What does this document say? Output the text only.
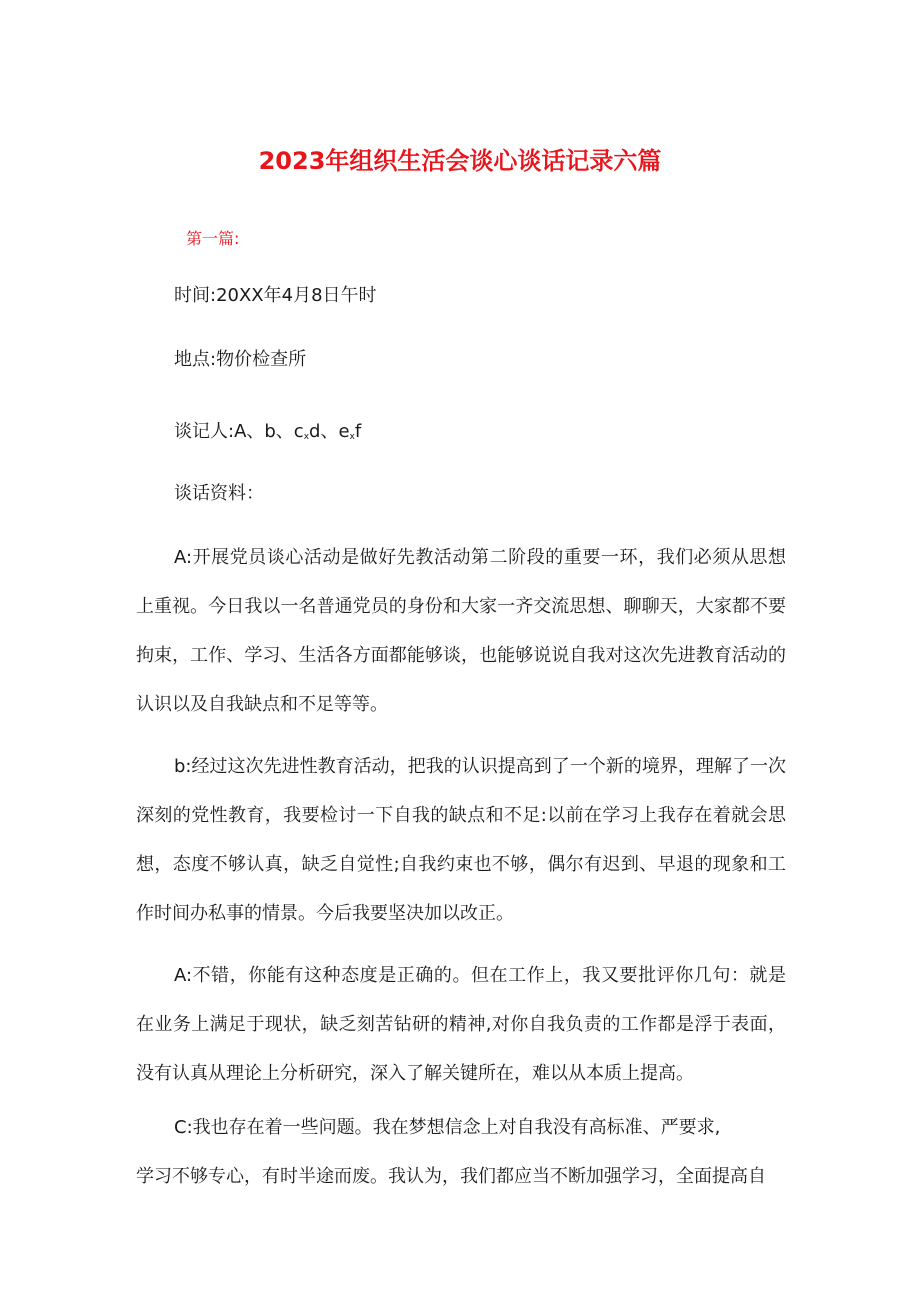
2023年组织生活会谈心谈话记录六篇
第一篇:
时间:20XX年4月8日午时
地点:物价检查所
谈记人:A、b、$c_xd$、$e_xf$
谈话资料：

A:开展党员谈心活动是做好先教活动第二阶段的重要一环，我们必须从思想上重视。今日我以一名普通党员的身份和大家一齐交流思想、聊聊天，大家都不要拘束，工作、学习、生活各方面都能够谈，也能够说说自我对这次先进教育活动的认识以及自我缺点和不足等等。

b:经过这次先进性教育活动，把我的认识提高到了一个新的境界，理解了一次深刻的党性教育，我要检讨一下自我的缺点和不足:以前在学习上我存在着就会思想，态度不够认真，缺乏自觉性;自我约束也不够，偶尔有迟到、早退的现象和工作时间办私事的情景。今后我要坚决加以改正。

A:不错，你能有这种态度是正确的。但在工作上，我又要批评你几句：就是在业务上满足于现状，缺乏刻苦钻研的精神,对你自我负责的工作都是浮于表面，没有认真从理论上分析研究，深入了解关键所在，难以从本质上提高。

C:我也存在着一些问题。我在梦想信念上对自我没有高标准、严要求,

学习不够专心，有时半途而废。我认为，我们都应当不断加强学习，全面提高自
